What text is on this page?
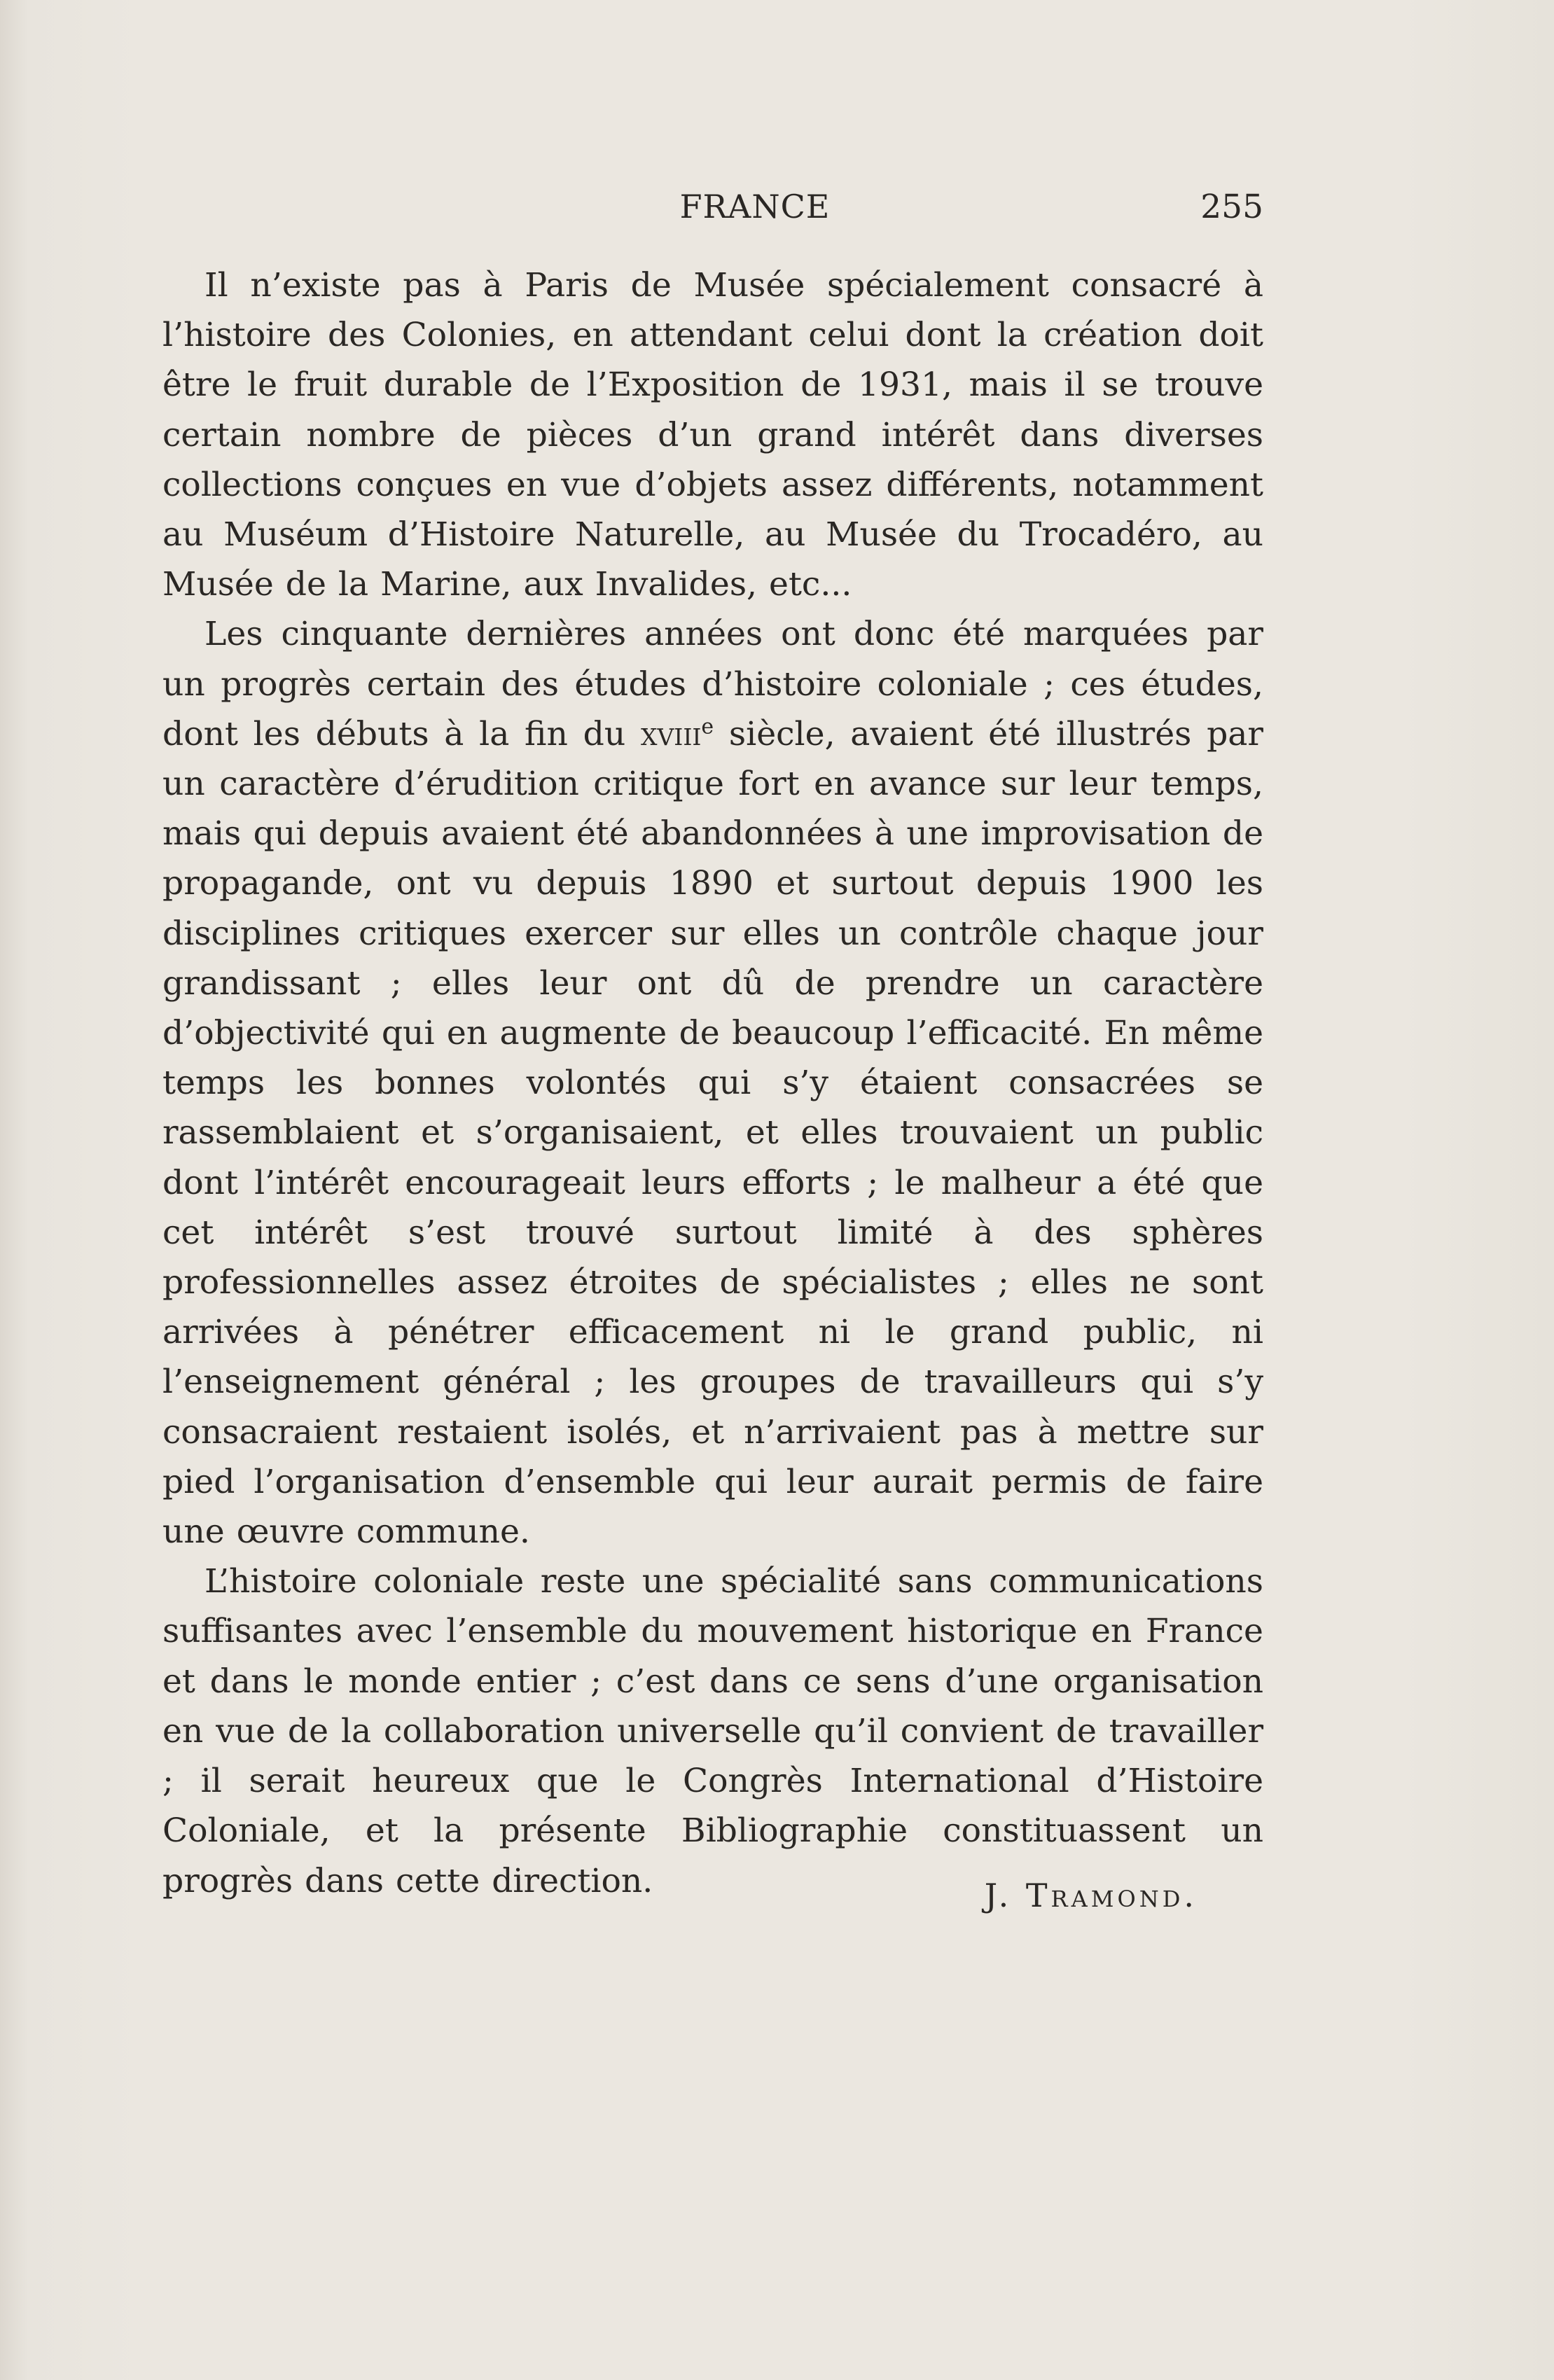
FRANCE	255

Il n’existe pas à Paris de Musée spécialement consacré à l’histoire des Colonies, en attendant celui dont la création doit être le fruit durable de l’Exposition de 1931, mais il se trouve certain nombre de pièces d’un grand intérêt dans diverses collections conçues en vue d’objets assez différents, notamment au Muséum d’Histoire Naturelle, au Musée du Trocadéro, au Musée de la Marine, aux Invalides, etc...

Les cinquante dernières années ont donc été marquées par un progrès certain des études d’histoire coloniale ; ces études, dont les débuts à la fin du xviii$^e$ siècle, avaient été illustrés par un caractère d’érudition critique fort en avance sur leur temps, mais qui depuis avaient été abandonnées à une improvisation de propagande, ont vu depuis 1890 et surtout depuis 1900 les disciplines critiques exercer sur elles un contrôle chaque jour grandissant ; elles leur ont dû de prendre un caractère d’objectivité qui en augmente de beaucoup l’efficacité. En même temps les bonnes volontés qui s’y étaient consacrées se rassemblaient et s’organisaient, et elles trouvaient un public dont l’intérêt encourageait leurs efforts ; le malheur a été que cet intérêt s’est trouvé surtout limité à des sphères professionnelles assez étroites de spécialistes ; elles ne sont arrivées à pénétrer efficacement ni le grand public, ni l’enseignement général ; les groupes de travailleurs qui s’y consacraient restaient isolés, et n’arrivaient pas à mettre sur pied l’organisation d’ensemble qui leur aurait permis de faire une œuvre commune.

L’histoire coloniale reste une spécialité sans communications suffisantes avec l’ensemble du mouvement historique en France et dans le monde entier ; c’est dans ce sens d’une organisation en vue de la collaboration universelle qu’il convient de travailler ; il serait heureux que le Congrès International d’Histoire Coloniale, et la présente Bibliographie constituassent un progrès dans cette direction.	J. Tramond.
